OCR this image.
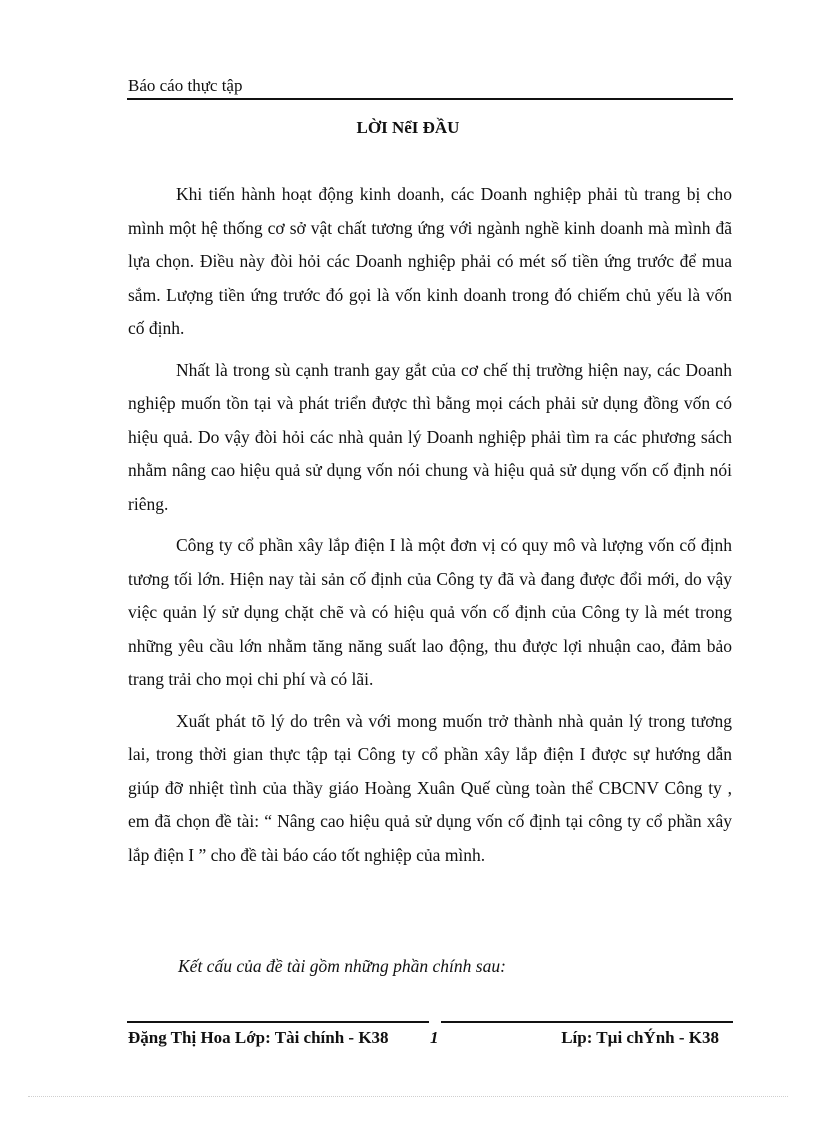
Báo cáo thực tập
LỜI NểI ĐẦU

Khi tiến hành hoạt động kinh doanh, các Doanh nghiệp phải tù trang bị cho mình một hệ thống cơ sở vật chất tương ứng với ngành nghề kinh doanh mà mình đã lựa chọn. Điều này đòi hỏi các Doanh nghiệp phải có mét số tiền ứng trước để mua sắm. Lượng tiền ứng trước đó gọi là vốn kinh doanh trong đó chiếm chủ yếu là vốn cố định.

Nhất là trong sù cạnh tranh gay gắt của cơ chế thị trường hiện nay, các Doanh nghiệp muốn tồn tại và phát triển được thì bằng mọi cách phải sử dụng đồng vốn có hiệu quả. Do vậy đòi hỏi các nhà quản lý Doanh nghiệp phải tìm ra các phương sách nhằm nâng cao hiệu quả sử dụng vốn nói chung và hiệu quả sử dụng vốn cố định nói riêng.

Công ty cổ phần xây lắp điện I là một đơn vị có quy mô và lượng vốn cố định tương tối lớn. Hiện nay tài sản cố định của Công ty đã và đang được đổi mới, do vậy việc quản lý sử dụng chặt chẽ và có hiệu quả vốn cố định của Công ty là mét trong những yêu cầu lớn nhằm tăng năng suất lao động, thu được lợi nhuận cao, đảm bảo trang trải cho mọi chi phí và có lãi.

Xuất phát tõ lý do trên và với mong muốn trở thành nhà quản lý trong tương lai, trong thời gian thực tập tại Công ty cổ phần xây lắp điện I được sự hướng dẫn giúp đỡ nhiệt tình của thầy giáo Hoàng Xuân Quế cùng toàn thể CBCNV Công ty , em đã chọn đề tài: “ Nâng cao hiệu quả sử dụng vốn cố định tại công ty cổ phần xây lắp điện I ” cho đề tài báo cáo tốt nghiệp của mình.

Kết cấu của đề tài gồm những phần chính sau:
Đặng Thị Hoa Lớp: Tài chính - K38 1	Líp: Tµi chÝnh - K38
